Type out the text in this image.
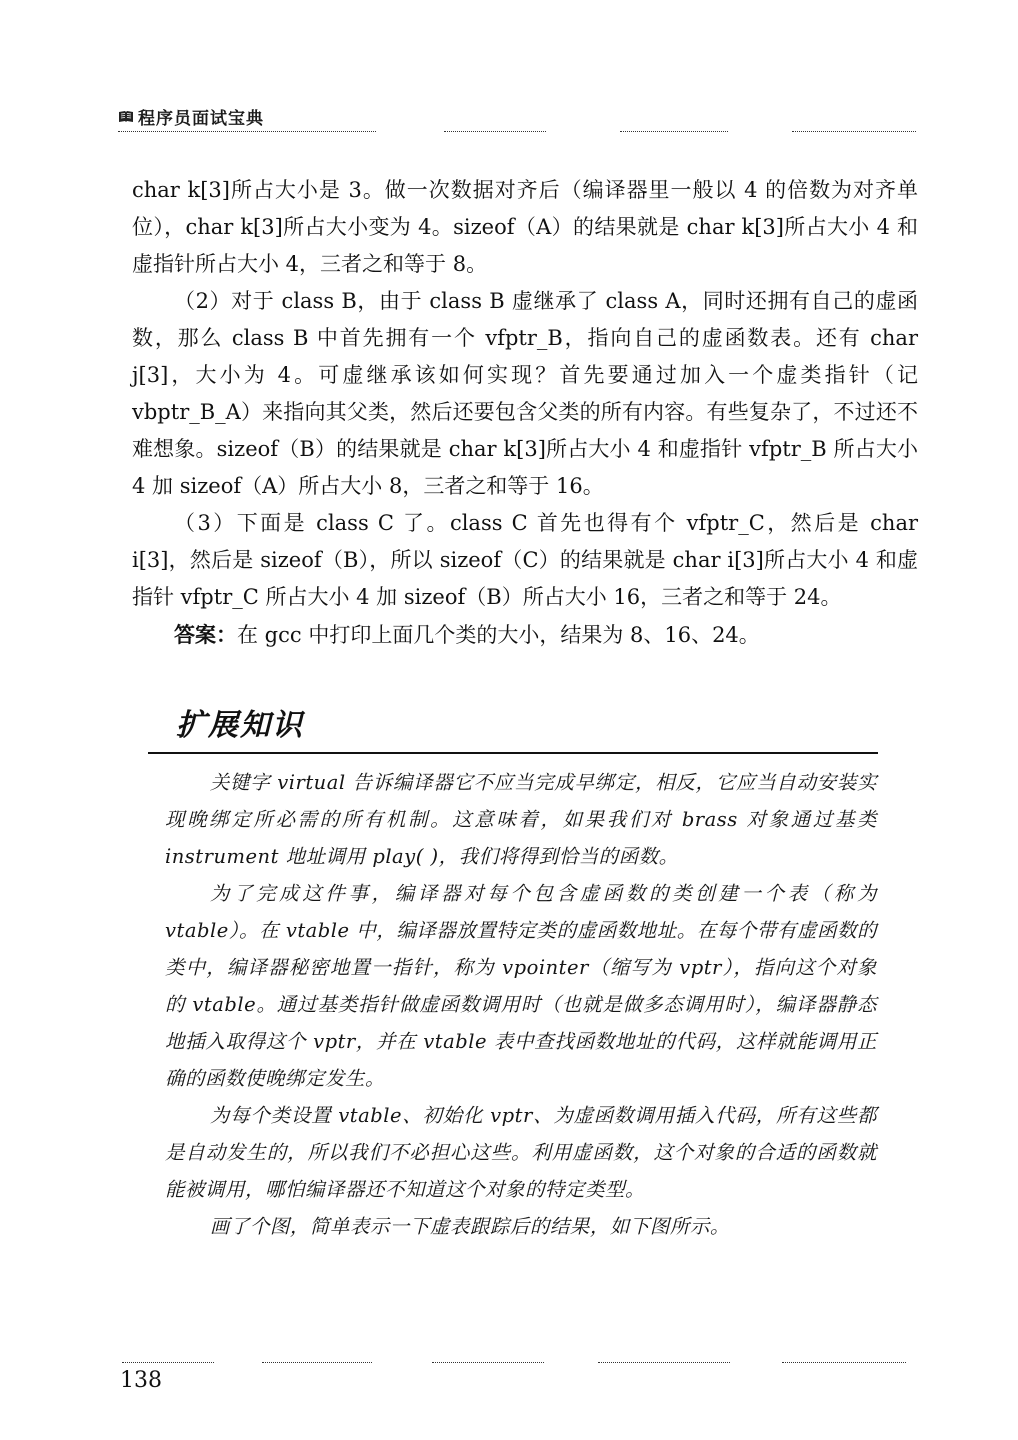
程序员面试宝典

char k[3]所占大小是 3。做一次数据对齐后（编译器里一般以 4 的倍数为对齐单位），char k[3]所占大小变为 4。sizeof（A）的结果就是 char k[3]所占大小 4 和虚指针所占大小 4，三者之和等于 8。

（2）对于 class B，由于 class B 虚继承了 class A，同时还拥有自己的虚函数，那么 class B 中首先拥有一个 vfptr_B，指向自己的虚函数表。还有 char j[3]，大小为 4。可虚继承该如何实现？首先要通过加入一个虚类指针（记 vbptr_B_A）来指向其父类，然后还要包含父类的所有内容。有些复杂了，不过还不难想象。sizeof（B）的结果就是 char k[3]所占大小 4 和虚指针 vfptr_B 所占大小 4 加 sizeof（A）所占大小 8，三者之和等于 16。

（3）下面是 class C 了。class C 首先也得有个 vfptr_C，然后是 char i[3]，然后是 sizeof（B），所以 sizeof（C）的结果就是 char i[3]所占大小 4 和虚指针 vfptr_C 所占大小 4 加 sizeof（B）所占大小 16，三者之和等于 24。

答案：在 gcc 中打印上面几个类的大小，结果为 8、16、24。

扩展知识

关键字 virtual 告诉编译器它不应当完成早绑定，相反，它应当自动安装实现晚绑定所必需的所有机制。这意味着，如果我们对 brass 对象通过基类 instrument 地址调用 play( )，我们将得到恰当的函数。

为了完成这件事，编译器对每个包含虚函数的类创建一个表（称为 vtable）。在 vtable 中，编译器放置特定类的虚函数地址。在每个带有虚函数的类中，编译器秘密地置一指针，称为 vpointer（缩写为 vptr），指向这个对象的 vtable。通过基类指针做虚函数调用时（也就是做多态调用时），编译器静态地插入取得这个 vptr，并在 vtable 表中查找函数地址的代码，这样就能调用正确的函数使晚绑定发生。

为每个类设置 vtable、初始化 vptr、为虚函数调用插入代码，所有这些都是自动发生的，所以我们不必担心这些。利用虚函数，这个对象的合适的函数就能被调用，哪怕编译器还不知道这个对象的特定类型。

画了个图，简单表示一下虚表跟踪后的结果，如下图所示。

138
